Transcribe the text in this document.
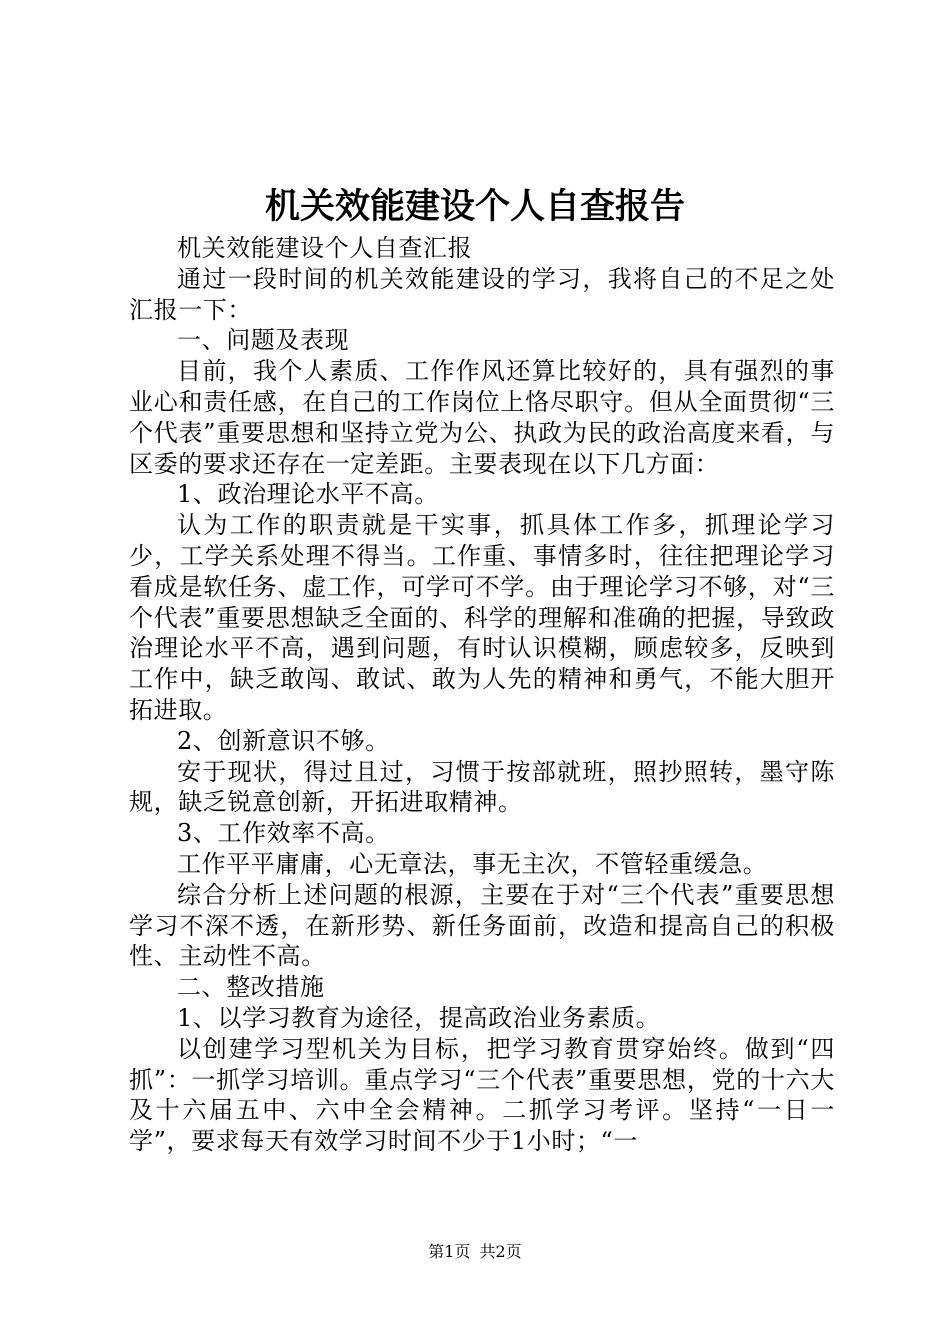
机关效能建设个人自查报告

机关效能建设个人自查汇报

通过一段时间的机关效能建设的学习，我将自己的不足之处汇报一下：

一、问题及表现

目前，我个人素质、工作作风还算比较好的，具有强烈的事业心和责任感，在自己的工作岗位上恪尽职守。但从全面贯彻“三个代表”重要思想和坚持立党为公、执政为民的政治高度来看，与区委的要求还存在一定差距。主要表现在以下几方面：

1、政治理论水平不高。

认为工作的职责就是干实事，抓具体工作多，抓理论学习少，工学关系处理不得当。工作重、事情多时，往往把理论学习看成是软任务、虚工作，可学可不学。由于理论学习不够，对“三个代表”重要思想缺乏全面的、科学的理解和准确的把握，导致政治理论水平不高，遇到问题，有时认识模糊，顾虑较多，反映到工作中，缺乏敢闯、敢试、敢为人先的精神和勇气，不能大胆开拓进取。

2、创新意识不够。

安于现状，得过且过，习惯于按部就班，照抄照转，墨守陈规，缺乏锐意创新，开拓进取精神。

3、工作效率不高。

工作平平庸庸，心无章法，事无主次，不管轻重缓急。

综合分析上述问题的根源，主要在于对“三个代表”重要思想学习不深不透，在新形势、新任务面前，改造和提高自己的积极性、主动性不高。

二、整改措施

1、以学习教育为途径，提高政治业务素质。

以创建学习型机关为目标，把学习教育贯穿始终。做到“四抓”：一抓学习培训。重点学习“三个代表”重要思想，党的十六大及十六届五中、六中全会精神。二抓学习考评。坚持“一日一学”，要求每天有效学习时间不少于1小时；“一

第1页 共2页
